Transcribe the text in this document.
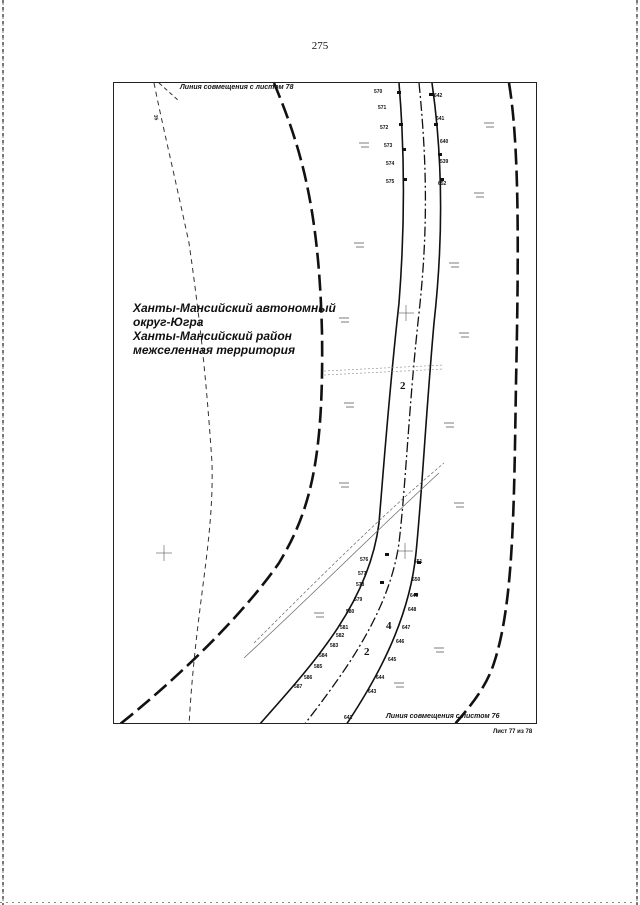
275
570
571
572
573
574
575
576
577
578
579
580
581
582
583
584
585
586
587
642
641
640
539
652
651
650
649
648
647
646
645
644
643
641
2
2
4
35
Линия совмещения с листом 78
Линия совмещения с листом 76
Ханты-Мансийский автономный
округ-Югра
Ханты-Мансийский район
межселенная территория
Лист 77 из 78
